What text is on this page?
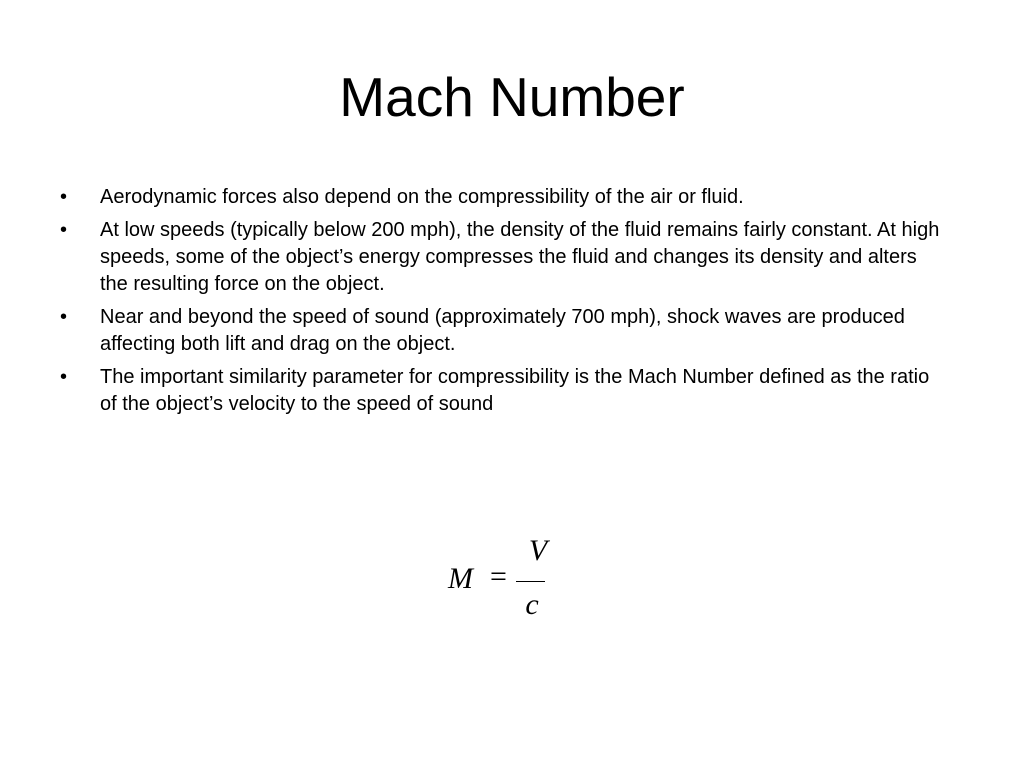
Mach Number
•	Aerodynamic forces also depend on the compressibility of the air or fluid.
•	At low speeds (typically below 200 mph), the density of the fluid remains fairly constant. At high speeds, some of the object’s energy compresses the fluid and changes its density and alters the resulting force on the object.
•	Near and beyond the speed of sound (approximately 700 mph), shock waves are produced affecting both lift and drag on the object.
•	The important similarity parameter for compressibility is the Mach Number defined as the ratio of the object’s velocity to the speed of sound
M =
V
c
